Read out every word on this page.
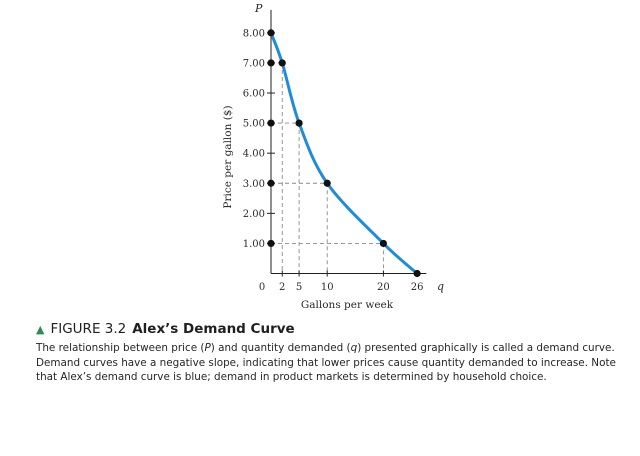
1.00
2.00
3.00
4.00
5.00
6.00
7.00
8.00
0 2 5 10	20 26
P
q
Gallons per week
Price per gallon ($)
▲ FIGURE 3.2 Alex’s Demand Curve

The relationship between price (P) and quantity demanded (q) presented graphically is called a demand curve. Demand curves have a negative slope, indicating that lower prices cause quantity demanded to increase. Note that Alex’s demand curve is blue; demand in product markets is determined by household choice.
